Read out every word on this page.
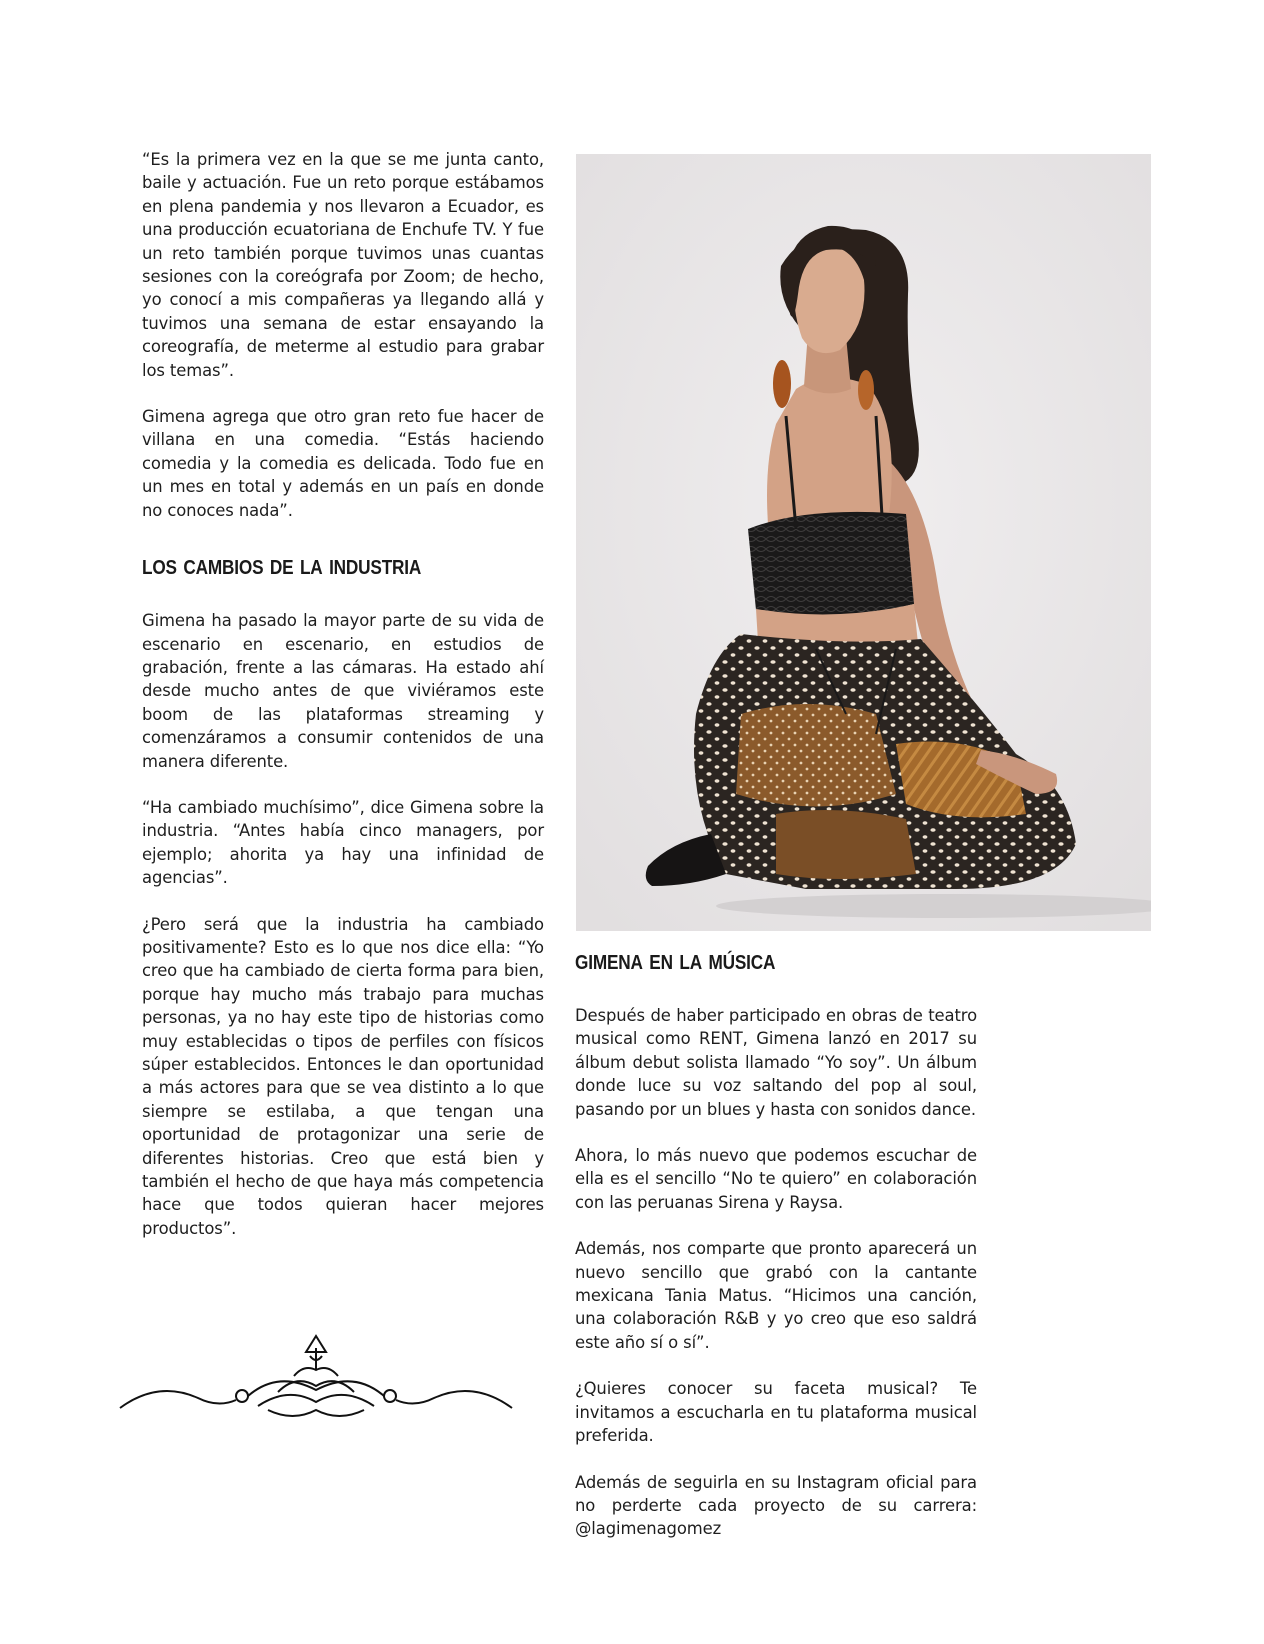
“Es la primera vez en la que se me junta canto, baile y actuación. Fue un reto porque estábamos en plena pandemia y nos llevaron a Ecuador, es una producción ecuatoriana de Enchufe TV. Y fue un reto también porque tuvimos unas cuantas sesiones con la coreógrafa por Zoom; de hecho, yo conocí a mis compañeras ya llegando allá y tuvimos una semana de estar ensayando la coreografía, de meterme al estudio para grabar los temas”.

Gimena agrega que otro gran reto fue hacer de villana en una comedia. “Estás haciendo comedia y la comedia es delicada. Todo fue en un mes en total y además en un país en donde no conoces nada”.

los cambios de la industria

Gimena ha pasado la mayor parte de su vida de escenario en escenario, en estudios de grabación, frente a las cámaras. Ha estado ahí desde mucho antes de que viviéramos este boom de las plataformas streaming y comenzáramos a consumir contenidos de una manera diferente.

“Ha cambiado muchísimo”, dice Gimena sobre la industria. “Antes había cinco managers, por ejemplo; ahorita ya hay una infinidad de agencias”.

¿Pero será que la industria ha cambiado positivamente? Esto es lo que nos dice ella: “Yo creo que ha cambiado de cierta forma para bien, porque hay mucho más trabajo para muchas personas, ya no hay este tipo de historias como muy establecidas o tipos de perfiles con físicos súper establecidos. Entonces le dan oportunidad a más actores para que se vea distinto a lo que siempre se estilaba, a que tengan una oportunidad de protagonizar una serie de diferentes historias. Creo que está bien y también el hecho de que haya más competencia hace que todos quieran hacer mejores productos”.

gimena en la música

Después de haber participado en obras de teatro musical como RENT, Gimena lanzó en 2017 su álbum debut solista llamado “Yo soy”. Un álbum donde luce su voz saltando del pop al soul, pasando por un blues y hasta con sonidos dance.

Ahora, lo más nuevo que podemos escuchar de ella es el sencillo “No te quiero” en colaboración con las peruanas Sirena y Raysa.

Además, nos comparte que pronto aparecerá un nuevo sencillo que grabó con la cantante mexicana Tania Matus. “Hicimos una canción, una colaboración R&B y yo creo que eso saldrá este año sí o sí”.

¿Quieres conocer su faceta musical? Te invitamos a escucharla en tu plataforma musical preferida.

Además de seguirla en su Instagram oficial para no perderte cada proyecto de su carrera: @lagimenagomez
